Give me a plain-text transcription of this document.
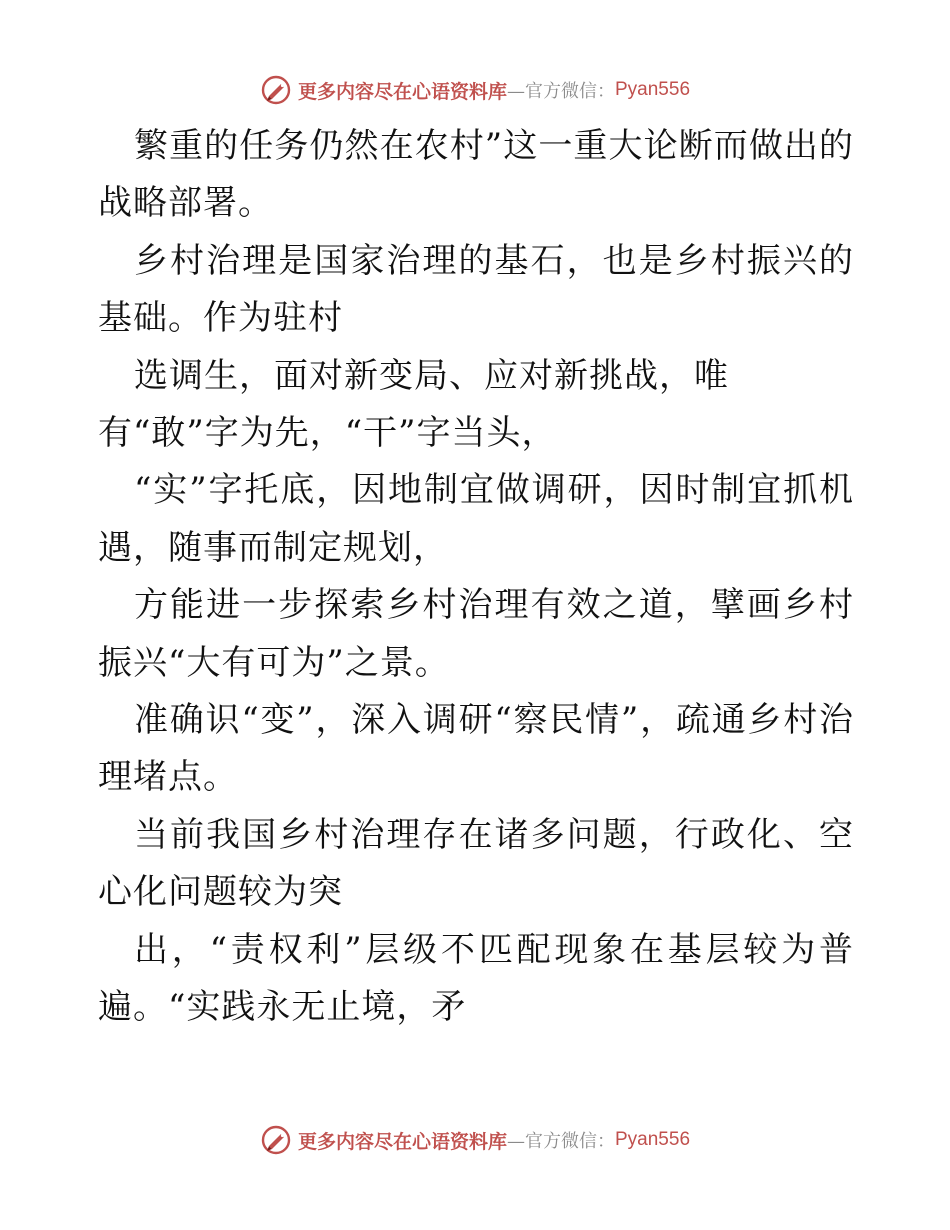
更多内容尽在心语资料库 —官方微信： Pyan556

繁重的任务仍然在农村”这一重大论断而做出的战略部署。

乡村治理是国家治理的基石，也是乡村振兴的基础。作为驻村

选调生，面对新变局、应对新挑战，唯

有“敢”字为先，“干”字当头，

“实”字托底，因地制宜做调研，因时制宜抓机遇，随事而制定规划，

方能进一步探索乡村治理有效之道，擘画乡村振兴“大有可为”之景。

准确识“变”，深入调研“察民情”，疏通乡村治理堵点。

当前我国乡村治理存在诸多问题，行政化、空心化问题较为突

出，“责权利”层级不匹配现象在基层较为普遍。“实践永无止境，矛

更多内容尽在心语资料库 —官方微信： Pyan556
